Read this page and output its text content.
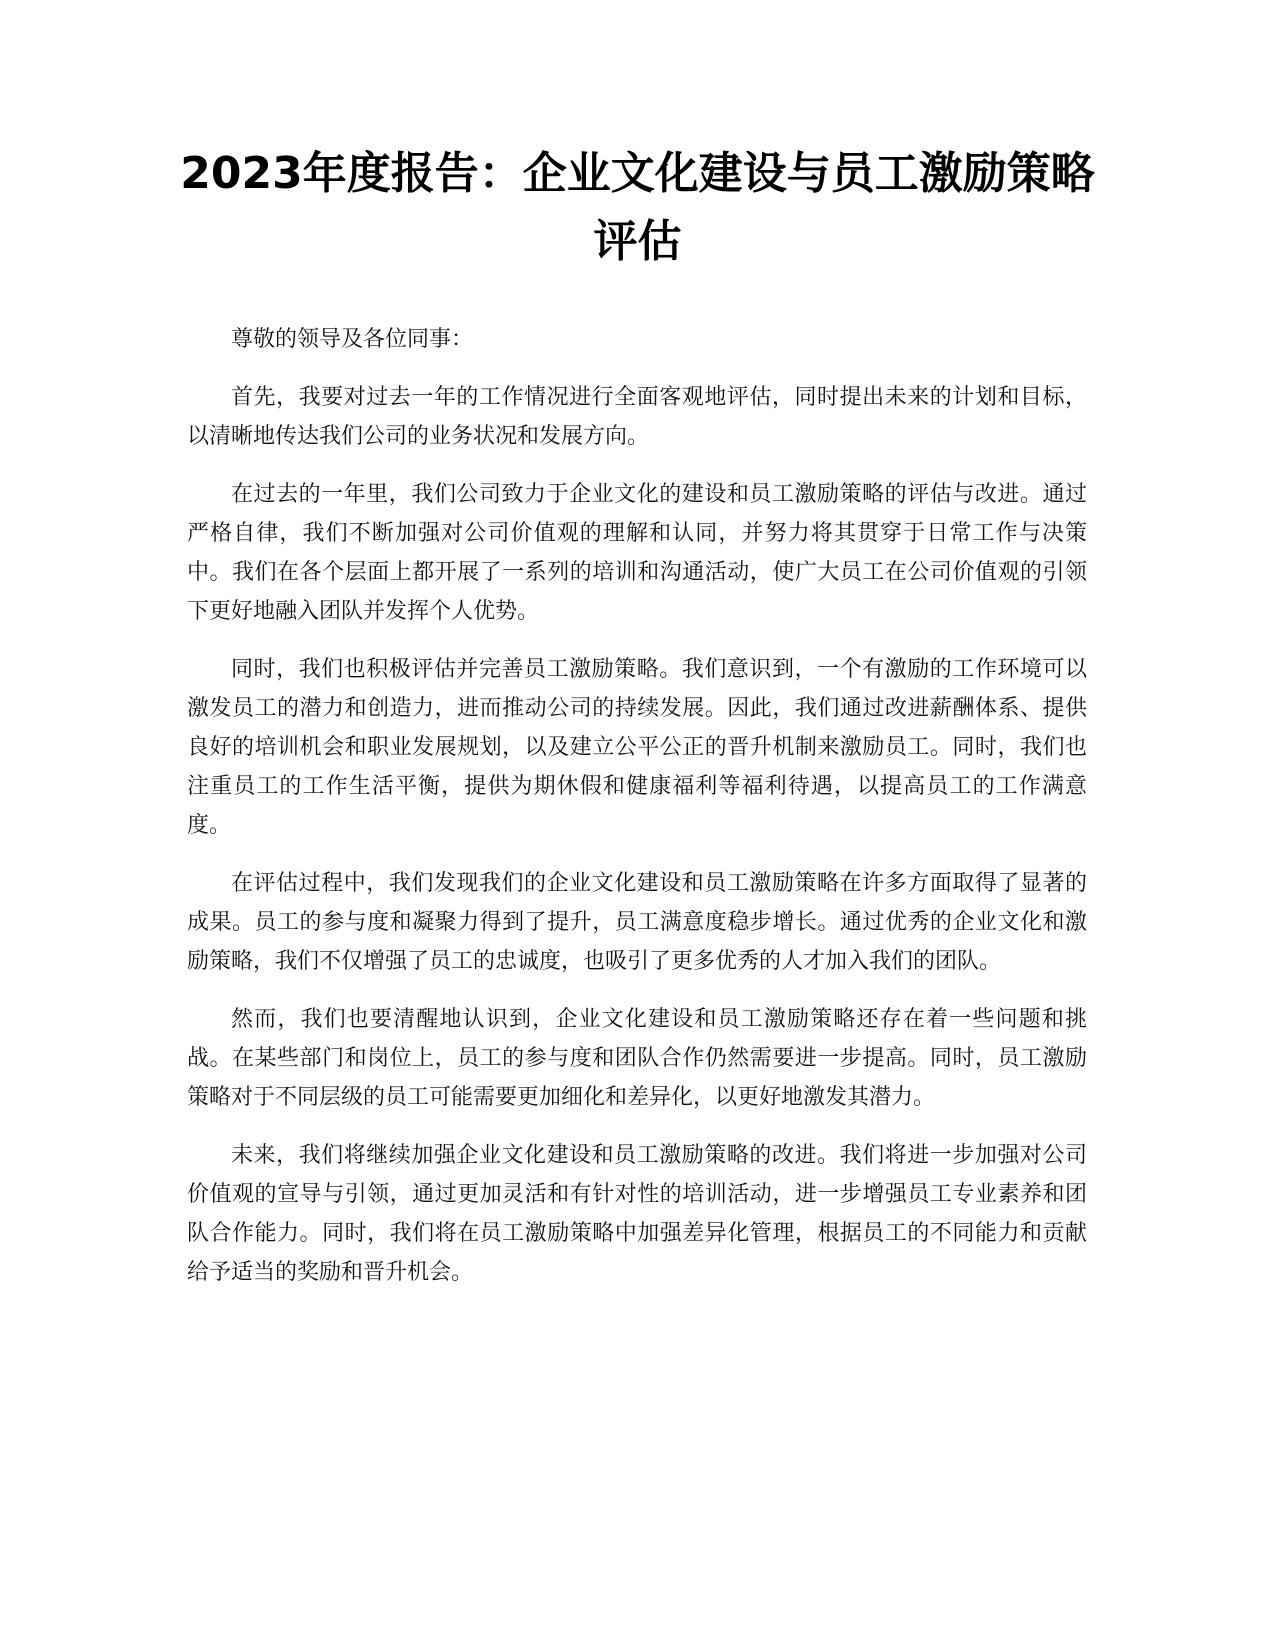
2023年度报告：企业文化建设与员工激励策略评估

尊敬的领导及各位同事：

首先，我要对过去一年的工作情况进行全面客观地评估，同时提出未来的计划和目标，以清晰地传达我们公司的业务状况和发展方向。

在过去的一年里，我们公司致力于企业文化的建设和员工激励策略的评估与改进。通过严格自律，我们不断加强对公司价值观的理解和认同，并努力将其贯穿于日常工作与决策中。我们在各个层面上都开展了一系列的培训和沟通活动，使广大员工在公司价值观的引领下更好地融入团队并发挥个人优势。

同时，我们也积极评估并完善员工激励策略。我们意识到，一个有激励的工作环境可以激发员工的潜力和创造力，进而推动公司的持续发展。因此，我们通过改进薪酬体系、提供良好的培训机会和职业发展规划，以及建立公平公正的晋升机制来激励员工。同时，我们也注重员工的工作生活平衡，提供为期休假和健康福利等福利待遇，以提高员工的工作满意度。

在评估过程中，我们发现我们的企业文化建设和员工激励策略在许多方面取得了显著的成果。员工的参与度和凝聚力得到了提升，员工满意度稳步增长。通过优秀的企业文化和激励策略，我们不仅增强了员工的忠诚度，也吸引了更多优秀的人才加入我们的团队。

然而，我们也要清醒地认识到，企业文化建设和员工激励策略还存在着一些问题和挑战。在某些部门和岗位上，员工的参与度和团队合作仍然需要进一步提高。同时，员工激励策略对于不同层级的员工可能需要更加细化和差异化，以更好地激发其潜力。

未来，我们将继续加强企业文化建设和员工激励策略的改进。我们将进一步加强对公司价值观的宣导与引领，通过更加灵活和有针对性的培训活动，进一步增强员工专业素养和团队合作能力。同时，我们将在员工激励策略中加强差异化管理，根据员工的不同能力和贡献给予适当的奖励和晋升机会。
